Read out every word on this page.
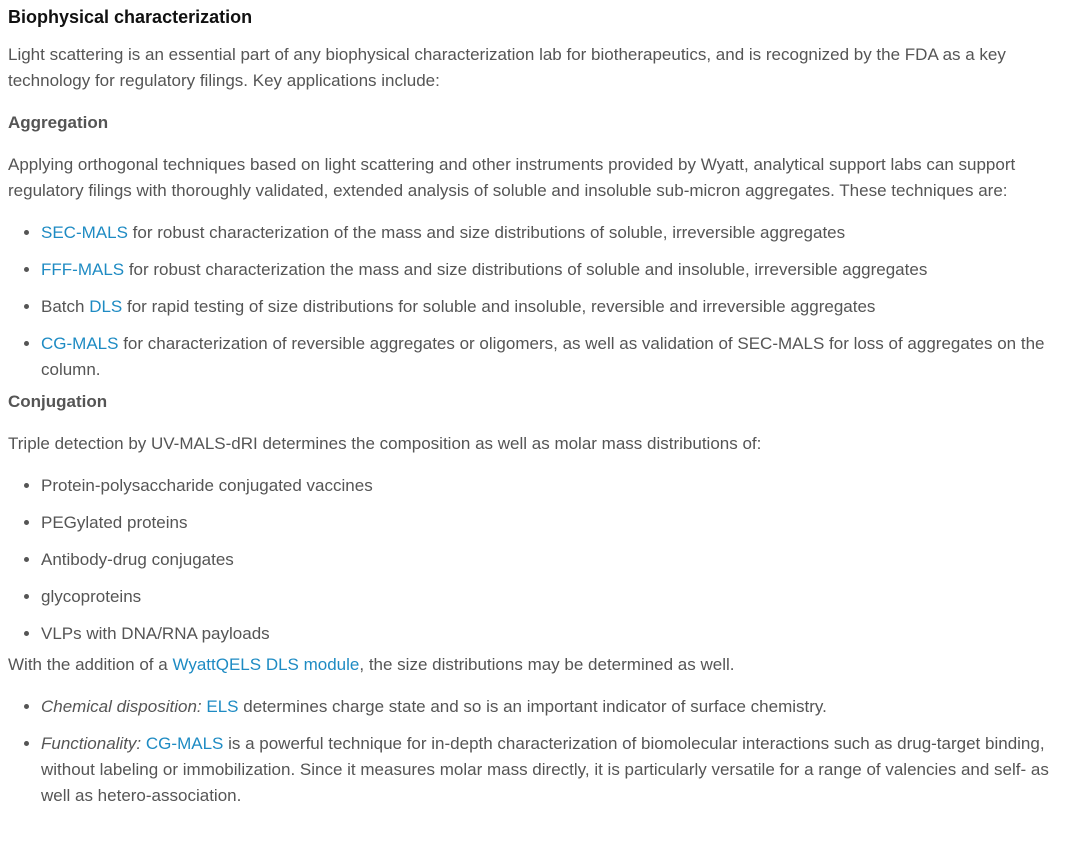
Biophysical characterization

Light scattering is an essential part of any biophysical characterization lab for biotherapeutics, and is recognized by the FDA as a key technology for regulatory filings. Key applications include:

Aggregation

Applying orthogonal techniques based on light scattering and other instruments provided by Wyatt, analytical support labs can support regulatory filings with thoroughly validated, extended analysis of soluble and insoluble sub-micron aggregates. These techniques are:

• SEC-MALS for robust characterization of the mass and size distributions of soluble, irreversible aggregates
• FFF-MALS for robust characterization the mass and size distributions of soluble and insoluble, irreversible aggregates
• Batch DLS for rapid testing of size distributions for soluble and insoluble, reversible and irreversible aggregates
• CG-MALS for characterization of reversible aggregates or oligomers, as well as validation of SEC-MALS for loss of aggregates on the column.
Conjugation

Triple detection by UV-MALS-dRI determines the composition as well as molar mass distributions of:

• Protein-polysaccharide conjugated vaccines
• PEGylated proteins
• Antibody-drug conjugates
• glycoproteins
• VLPs with DNA/RNA payloads

With the addition of a WyattQELS DLS module, the size distributions may be determined as well.

• Chemical disposition: ELS determines charge state and so is an important indicator of surface chemistry.
• Functionality: CG-MALS is a powerful technique for in-depth characterization of biomolecular interactions such as drug-target binding, without labeling or immobilization. Since it measures molar mass directly, it is particularly versatile for a range of valencies and self- as well as hetero-association.
